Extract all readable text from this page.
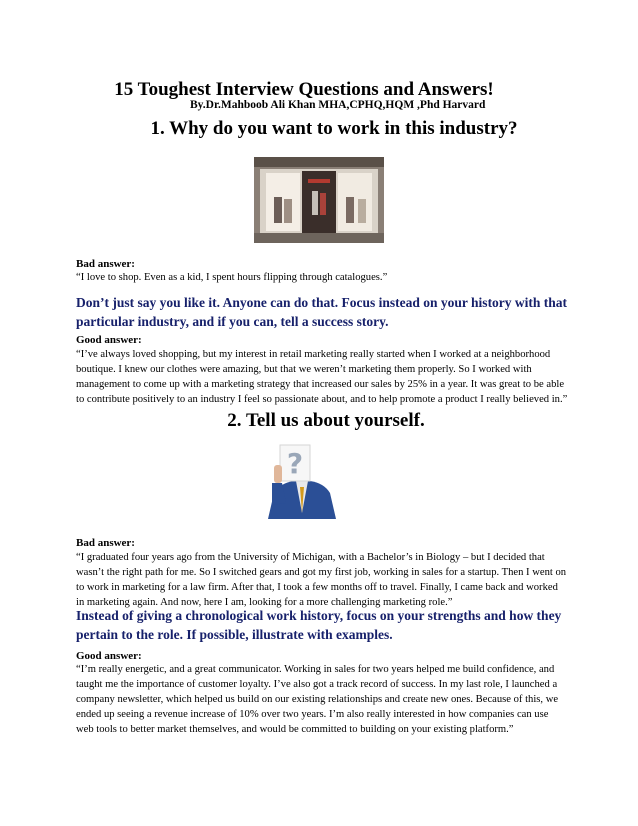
15 Toughest Interview Questions and Answers!
By.Dr.Mahboob Ali Khan MHA,CPHQ,HQM ,Phd Harvard
1. Why do you want to work in this industry?
Bad answer:
“I love to shop. Even as a kid, I spent hours flipping through catalogues.”
Don’t just say you like it. Anyone can do that. Focus instead on your history with that particular industry, and if you can, tell a success story.
Good answer:
“I’ve always loved shopping, but my interest in retail marketing really started when I worked at a neighborhood boutique. I knew our clothes were amazing, but that we weren’t marketing them properly. So I worked with management to come up with a marketing strategy that increased our sales by 25% in a year. It was great to be able to contribute positively to an industry I feel so passionate about, and to help promote a product I really believed in.”
2. Tell us about yourself.
?
Bad answer:
“I graduated four years ago from the University of Michigan, with a Bachelor’s in Biology – but I decided that wasn’t the right path for me. So I switched gears and got my first job, working in sales for a startup. Then I went on to work in marketing for a law firm. After that, I took a few months off to travel. Finally, I came back and worked in marketing again. And now, here I am, looking for a more challenging marketing role.”
Instead of giving a chronological work history, focus on your strengths and how they pertain to the role. If possible, illustrate with examples.
Good answer:
“I’m really energetic, and a great communicator. Working in sales for two years helped me build confidence, and taught me the importance of customer loyalty. I’ve also got a track record of success. In my last role, I launched a company newsletter, which helped us build on our existing relationships and create new ones. Because of this, we ended up seeing a revenue increase of 10% over two years. I’m also really interested in how companies can use web tools to better market themselves, and would be committed to building on your existing platform.”
